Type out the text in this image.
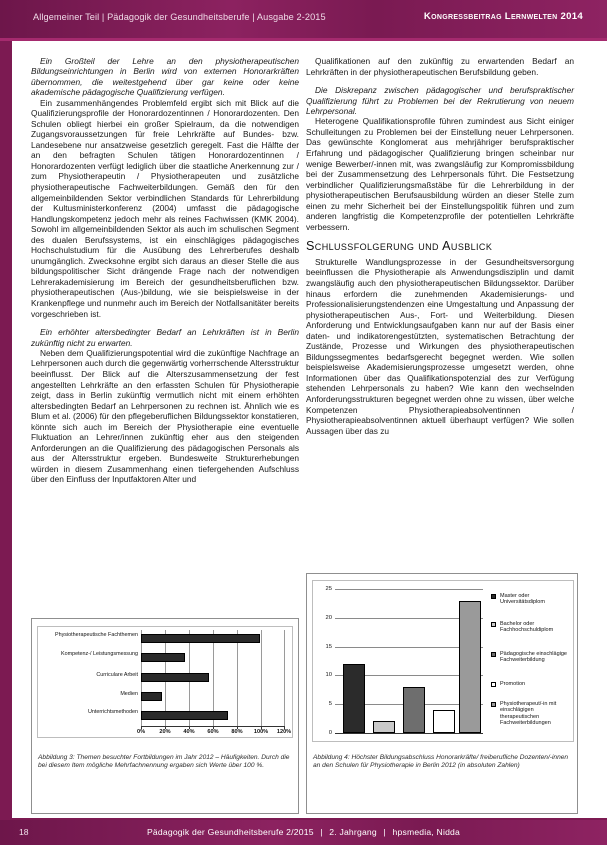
Allgemeiner Teil | Pädagogik der Gesundheitsberufe | Ausgabe 2-2015	Kongressbeitrag Lernwelten 2014

Ein Großteil der Lehre an den physiotherapeutischen Bildungseinrichtungen in Berlin wird von externen Honorarkräften übernommen, die weitestgehend über gar keine oder keine akademische pädagogische Qualifizierung verfügen.

Ein zusammenhängendes Problemfeld ergibt sich mit Blick auf die Qualifizierungsprofile der Honorardozentinnen / Honorardozenten. Den Schulen obliegt hierbei ein großer Spielraum, da die notwendigen Zugangsvoraussetzungen für freie Lehrkräfte auf Bundes- bzw. Landesebene nur ansatzweise gesetzlich geregelt. Fast die Hälfte der an den befragten Schulen tätigen Honorardozentinnen / Honorardozenten verfügt lediglich über die staatliche Anerkennung zur / zum Physiotherapeutin / Physiotherapeuten und zusätzliche physiotherapeutische Fachweiterbildungen. Gemäß den für den allgemeinbildenden Sektor verbindlichen Standards für Lehrerbildung der Kultusministerkonferenz (2004) umfasst die pädagogische Handlungskompetenz jedoch mehr als reines Fachwissen (KMK 2004). Sowohl im allgemeinbildenden Sektor als auch im schulischen Segment des dualen Berufssystems, ist ein einschlägiges pädagogisches Hochschulstudium für die Ausübung des Lehrerberufes deshalb unumgänglich. Zwecksohne ergibt sich daraus an dieser Stelle die aus bildungspolitischer Sicht drängende Frage nach der notwendigen Lehrerakademisierung im Bereich der gesundheitsberuflichen bzw. physiotherapeutischen (Aus-)bildung, wie sie beispielsweise in der Krankenpflege und nunmehr auch im Bereich der Notfallsanitäter bereits vorgeschrieben ist.

Ein erhöhter altersbedingter Bedarf an Lehrkräften ist in Berlin zukünftig nicht zu erwarten.

Neben dem Qualifizierungspotential wird die zukünftige Nachfrage an Lehrpersonen auch durch die gegenwärtig vorherrschende Altersstruktur beeinflusst. Der Blick auf die Alterszusammensetzung der fest angestellten Lehrkräfte an den erfassten Schulen für Physiotherapie zeigt, dass in Berlin zukünftig vermutlich nicht mit einem erhöhten altersbedingten Bedarf an Lehrpersonen zu rechnen ist. Ähnlich wie es Blum et al. (2006) für den pflegeberuflichen Bildungssektor konstatieren, könnte sich auch im Bereich der Physiotherapie eine eventuelle Fluktuation an Lehrer/innen zukünftig eher aus den steigenden Anforderungen an die Qualifizierung des pädagogischen Personals als aus der Altersstruktur ergeben. Bundesweite Strukturerhebungen würden in diesem Zusammenhang einen tiefergehenden Aufschluss über den Einfluss der Inputfaktoren Alter und

Qualifikationen auf den zukünftig zu erwartenden Bedarf an Lehrkräften in der physiotherapeutischen Berufsbildung geben.

Die Diskrepanz zwischen pädagogischer und berufspraktischer Qualifizierung führt zu Problemen bei der Rekrutierung von neuem Lehrpersonal.

Heterogene Qualifikationsprofile führen zumindest aus Sicht einiger Schulleitungen zu Problemen bei der Einstellung neuer Lehrpersonen. Das gewünschte Konglomerat aus mehrjähriger berufspraktischer Erfahrung und pädagogischer Qualifizierung bringen scheinbar nur wenige Bewerber/-innen mit, was zwangsläufig zur Kompromissbildung bei der Zusammensetzung des Lehrpersonals führt. Die Festsetzung verbindlicher Qualifizierungsmaßstäbe für die Lehrerbildung in der physiotherapeutischen Berufsausbildung würden an dieser Stelle zum einen zu mehr Sicherheit bei der Einstellungspolitik führen und zum anderen langfristig die Kompetenzprofile der potentiellen Lehrkräfte verbessern.

Schlussfolgerung und Ausblick

Strukturelle Wandlungsprozesse in der Gesundheitsversorgung beeinflussen die Physiotherapie als Anwendungsdisziplin und damit zwangsläufig auch den physiotherapeutischen Bildungssektor. Darüber hinaus erfordern die zunehmenden Akademisierungs- und Professionalisierungstendenzen eine Umgestaltung und Anpassung der physiotherapeutischen Aus-, Fort- und Weiterbildung. Diesen Anforderung und Entwicklungsaufgaben kann nur auf der Basis einer daten- und indikatorengestützten, systematischen Betrachtung der Zustände, Prozesse und Wirkungen des physiotherapeutischen Bildungssegmentes bedarfsgerecht begegnet werden. Wie sollen beispielsweise Akademisierungsprozesse umgesetzt werden, ohne Informationen über das Qualifikationspotenzial des zur Verfügung stehenden Lehrpersonals zu haben? Wie kann den wechselnden Anforderungsstrukturen begegnet werden ohne zu wissen, über welche Kompetenzen Physiotherapieabsolventinnen / Physiotherapieabsolventinnen aktuell überhaupt verfügen? Wie sollen Aussagen über das zu

Physiotherapeutische Fachthemen
Kompetenz-/ Leistungsmessung
Curriculare Arbeit
Medien
Unterrichtsmethoden
0%	20% 40% 60% 80% 100% 120%
Abbildung 3: Themen besuchter Fortbildungen im Jahr 2012 – Häufigkeiten. Durch die bei diesem Item mögliche Mehrfachnennung ergaben sich Werte über 100 %.
0
5
10
15
20
25
Master oder Universitätsdiplom
Bachelor oder Fachhochschuldiplom
Pädagogische einschlägige Fachweiterbildung
Promotion
Physiotherapeut/-in mit einschlägigen therapeutischen Fachweiterbildungen
Abbildung 4: Höchster Bildungsabschluss Honorarkräfte/ freiberufliche Dozenten/-innen an den Schulen für Physiotherapie in Berlin 2012 (in absoluten Zahlen)
18	Pädagogik der Gesundheitsberufe 2/2015 | 2. Jahrgang | hpsmedia, Nidda
